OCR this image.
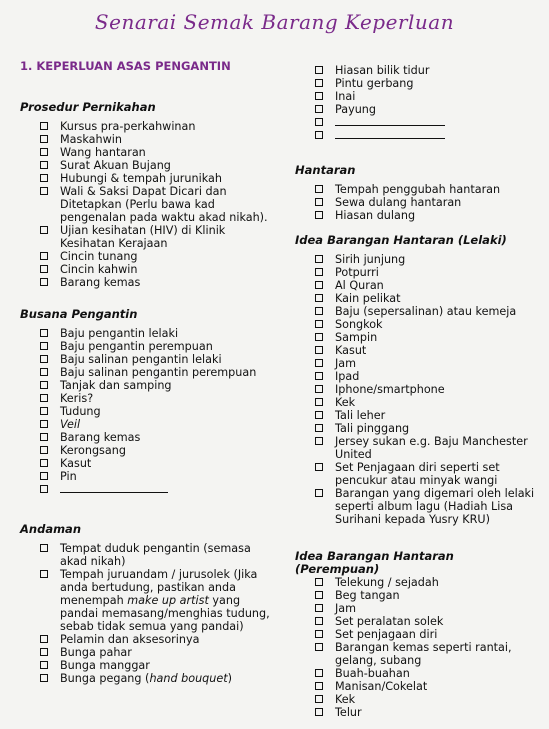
Senarai Semak Barang Keperluan
1. KEPERLUAN ASAS PENGANTIN
Prosedur Pernikahan
Kursus pra-perkahwinan
Maskahwin
Wang hantaran
Surat Akuan Bujang
Hubungi & tempah jurunikah
Wali & Saksi Dapat Dicari dan Ditetapkan (Perlu bawa kad pengenalan pada waktu akad nikah).
Ujian kesihatan (HIV) di Klinik Kesihatan Kerajaan
Cincin tunang
Cincin kahwin
Barang kemas
Busana Pengantin
Baju pengantin lelaki
Baju pengantin perempuan
Baju salinan pengantin lelaki
Baju salinan pengantin perempuan
Tanjak dan samping
Keris?
Tudung
Veil
Barang kemas
Kerongsang
Kasut
Pin
Andaman
Tempat duduk pengantin (semasa akad nikah)
Tempah juruandam / jurusolek (Jika anda bertudung, pastikan anda menempah make up artist yang pandai memasang/menghias tudung, sebab tidak semua yang pandai)
Pelamin dan aksesorinya
Bunga pahar
Bunga manggar
Bunga pegang (hand bouquet)
Hiasan bilik tidur
Pintu gerbang
Inai
Payung
Hantaran
Tempah penggubah hantaran
Sewa dulang hantaran
Hiasan dulang
Idea Barangan Hantaran (Lelaki)
Sirih junjung
Potpurri
Al Quran
Kain pelikat
Baju (sepersalinan) atau kemeja
Songkok
Sampin
Kasut
Jam
Ipad
Iphone/smartphone
Kek
Tali leher
Tali pinggang
Jersey sukan e.g. Baju Manchester United
Set Penjagaan diri seperti set pencukur atau minyak wangi
Barangan yang digemari oleh lelaki seperti album lagu (Hadiah Lisa Surihani kepada Yusry KRU)
Idea Barangan Hantaran (Perempuan)
Telekung / sejadah
Beg tangan
Jam
Set peralatan solek
Set penjagaan diri
Barangan kemas seperti rantai, gelang, subang
Buah-buahan
Manisan/Cokelat
Kek
Telur
